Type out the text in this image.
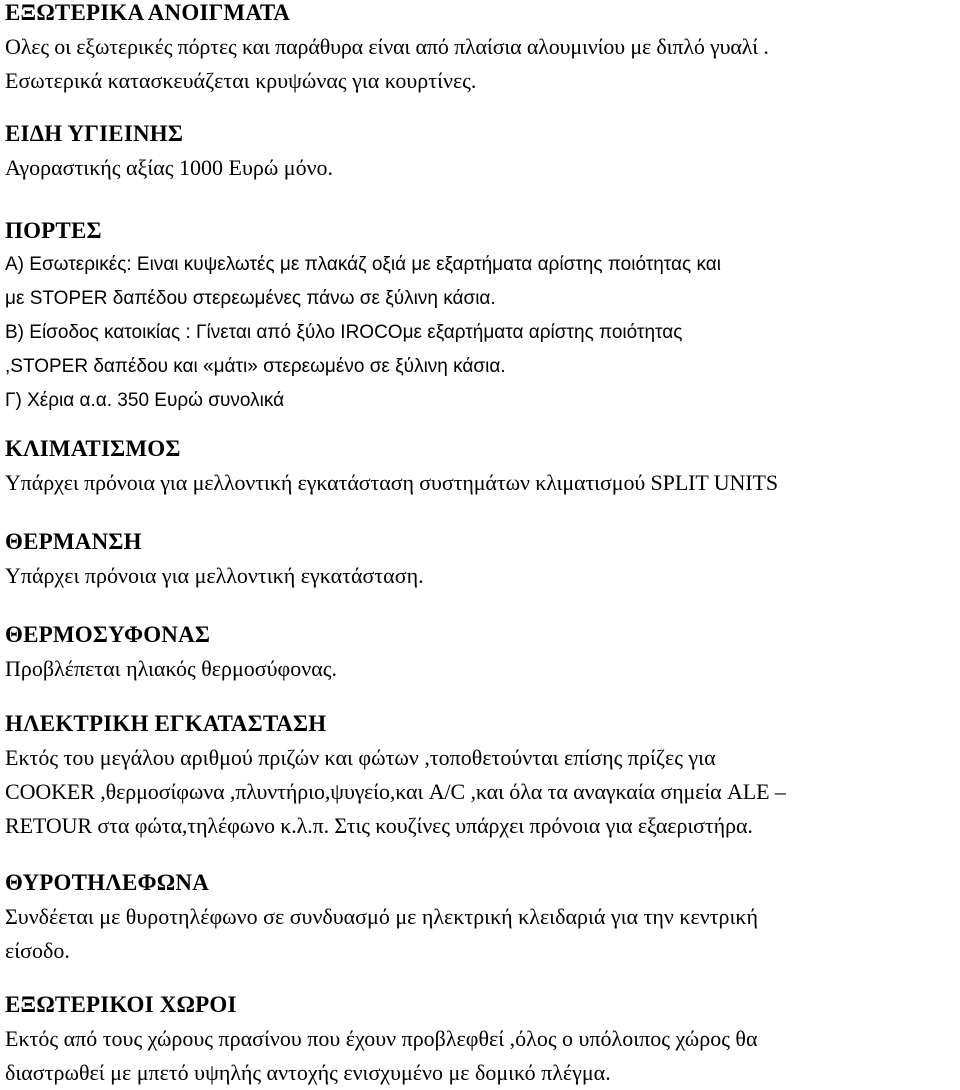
ΕΞΩΤΕΡΙΚΑ ΑΝΟΙΓΜΑΤΑ
Ολες οι εξωτερικές πόρτες και παράθυρα είναι από πλαίσια αλουμινίου με διπλό γυαλί .
Εσωτερικά κατασκευάζεται κρυψώνας για κουρτίνες.
ΕΙΔΗ ΥΓΙΕΙΝΗΣ
Αγοραστικής αξίας 1000 Ευρώ μόνο.
ΠΟΡΤΕΣ
Α) Εσωτερικές: Ειναι κυψελωτές με πλακάζ οξιά με εξαρτήματα αρίστης ποιότητας και
με STOPER δαπέδου στερεωμένες πάνω σε ξύλινη κάσια.
Β) Είσοδος κατοικίας : Γίνεται από ξύλο IROCOμε εξαρτήματα αρίστης ποιότητας
,STOPER δαπέδου και «μάτι» στερεωμένο σε ξύλινη κάσια.
Γ) Χέρια α.α. 350 Ευρώ συνολικά
ΚΛΙΜΑΤΙΣΜΟΣ
Υπάρχει πρόνοια για μελλοντική εγκατάσταση συστημάτων κλιματισμού SPLIT UNITS
ΘΕΡΜΑΝΣΗ
Υπάρχει πρόνοια για μελλοντική εγκατάσταση.
ΘΕΡΜΟΣΥΦΟΝΑΣ
Προβλέπεται ηλιακός θερμοσύφονας.
ΗΛΕΚΤΡΙΚΗ ΕΓΚΑΤΑΣΤΑΣΗ
Εκτός του μεγάλου αριθμού πριζών και φώτων ,τοποθετούνται επίσης πρίζες για
COOKER ,θερμοσίφωνα ,πλυντήριο,ψυγείο,και A/C ,και όλα τα αναγκαία σημεία ALE –
RETOUR στα φώτα,τηλέφωνο κ.λ.π. Στις κουζίνες υπάρχει πρόνοια για εξαεριστήρα.
ΘΥΡΟΤΗΛΕΦΩΝΑ
Συνδέεται με θυροτηλέφωνο σε συνδυασμό με ηλεκτρική κλειδαριά για την κεντρική
είσοδο.
ΕΞΩΤΕΡΙΚΟΙ ΧΩΡΟΙ
Εκτός από τους χώρους πρασίνου που έχουν προβλεφθεί ,όλος ο υπόλοιπος χώρος θα
διαστρωθεί με μπετό υψηλής αντοχής ενισχυμένο με δομικό πλέγμα.
